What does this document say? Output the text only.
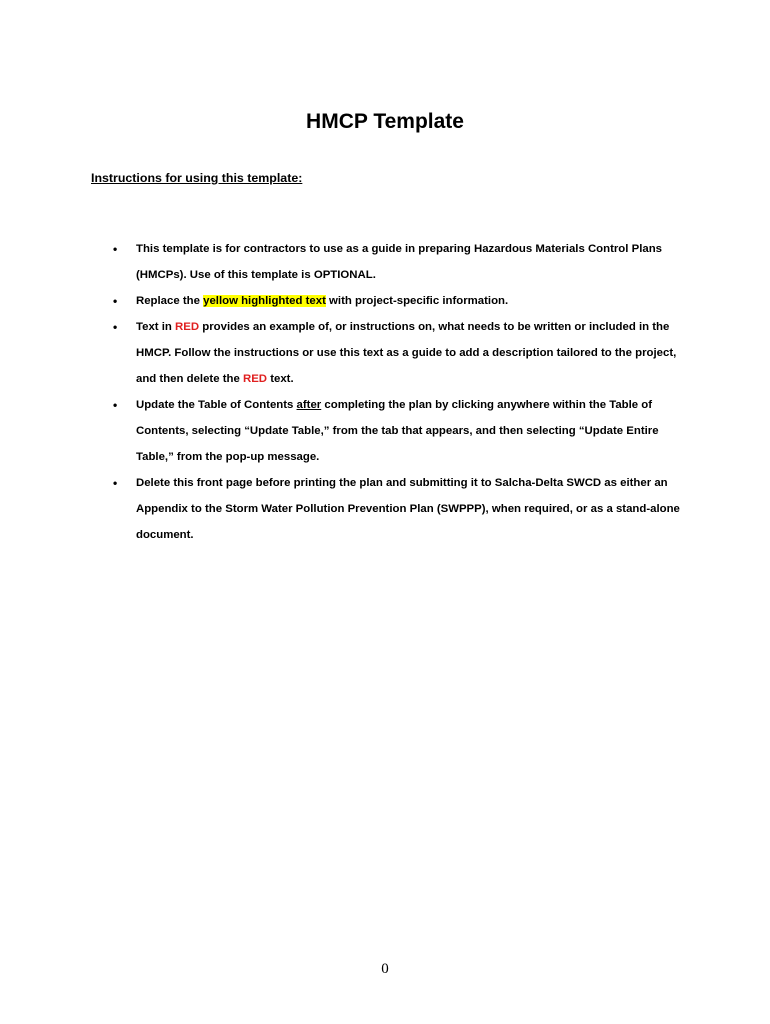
HMCP Template
Instructions for using this template:
• This template is for contractors to use as a guide in preparing Hazardous Materials Control Plans (HMCPs). Use of this template is OPTIONAL.
• Replace the yellow highlighted text with project-specific information.
• Text in RED provides an example of, or instructions on, what needs to be written or included in the HMCP. Follow the instructions or use this text as a guide to add a description tailored to the project, and then delete the RED text.
• Update the Table of Contents after completing the plan by clicking anywhere within the Table of Contents, selecting “Update Table,” from the tab that appears, and then selecting “Update Entire Table,” from the pop-up message.
• Delete this front page before printing the plan and submitting it to Salcha-Delta SWCD as either an Appendix to the Storm Water Pollution Prevention Plan (SWPPP), when required, or as a stand-alone document.
0
